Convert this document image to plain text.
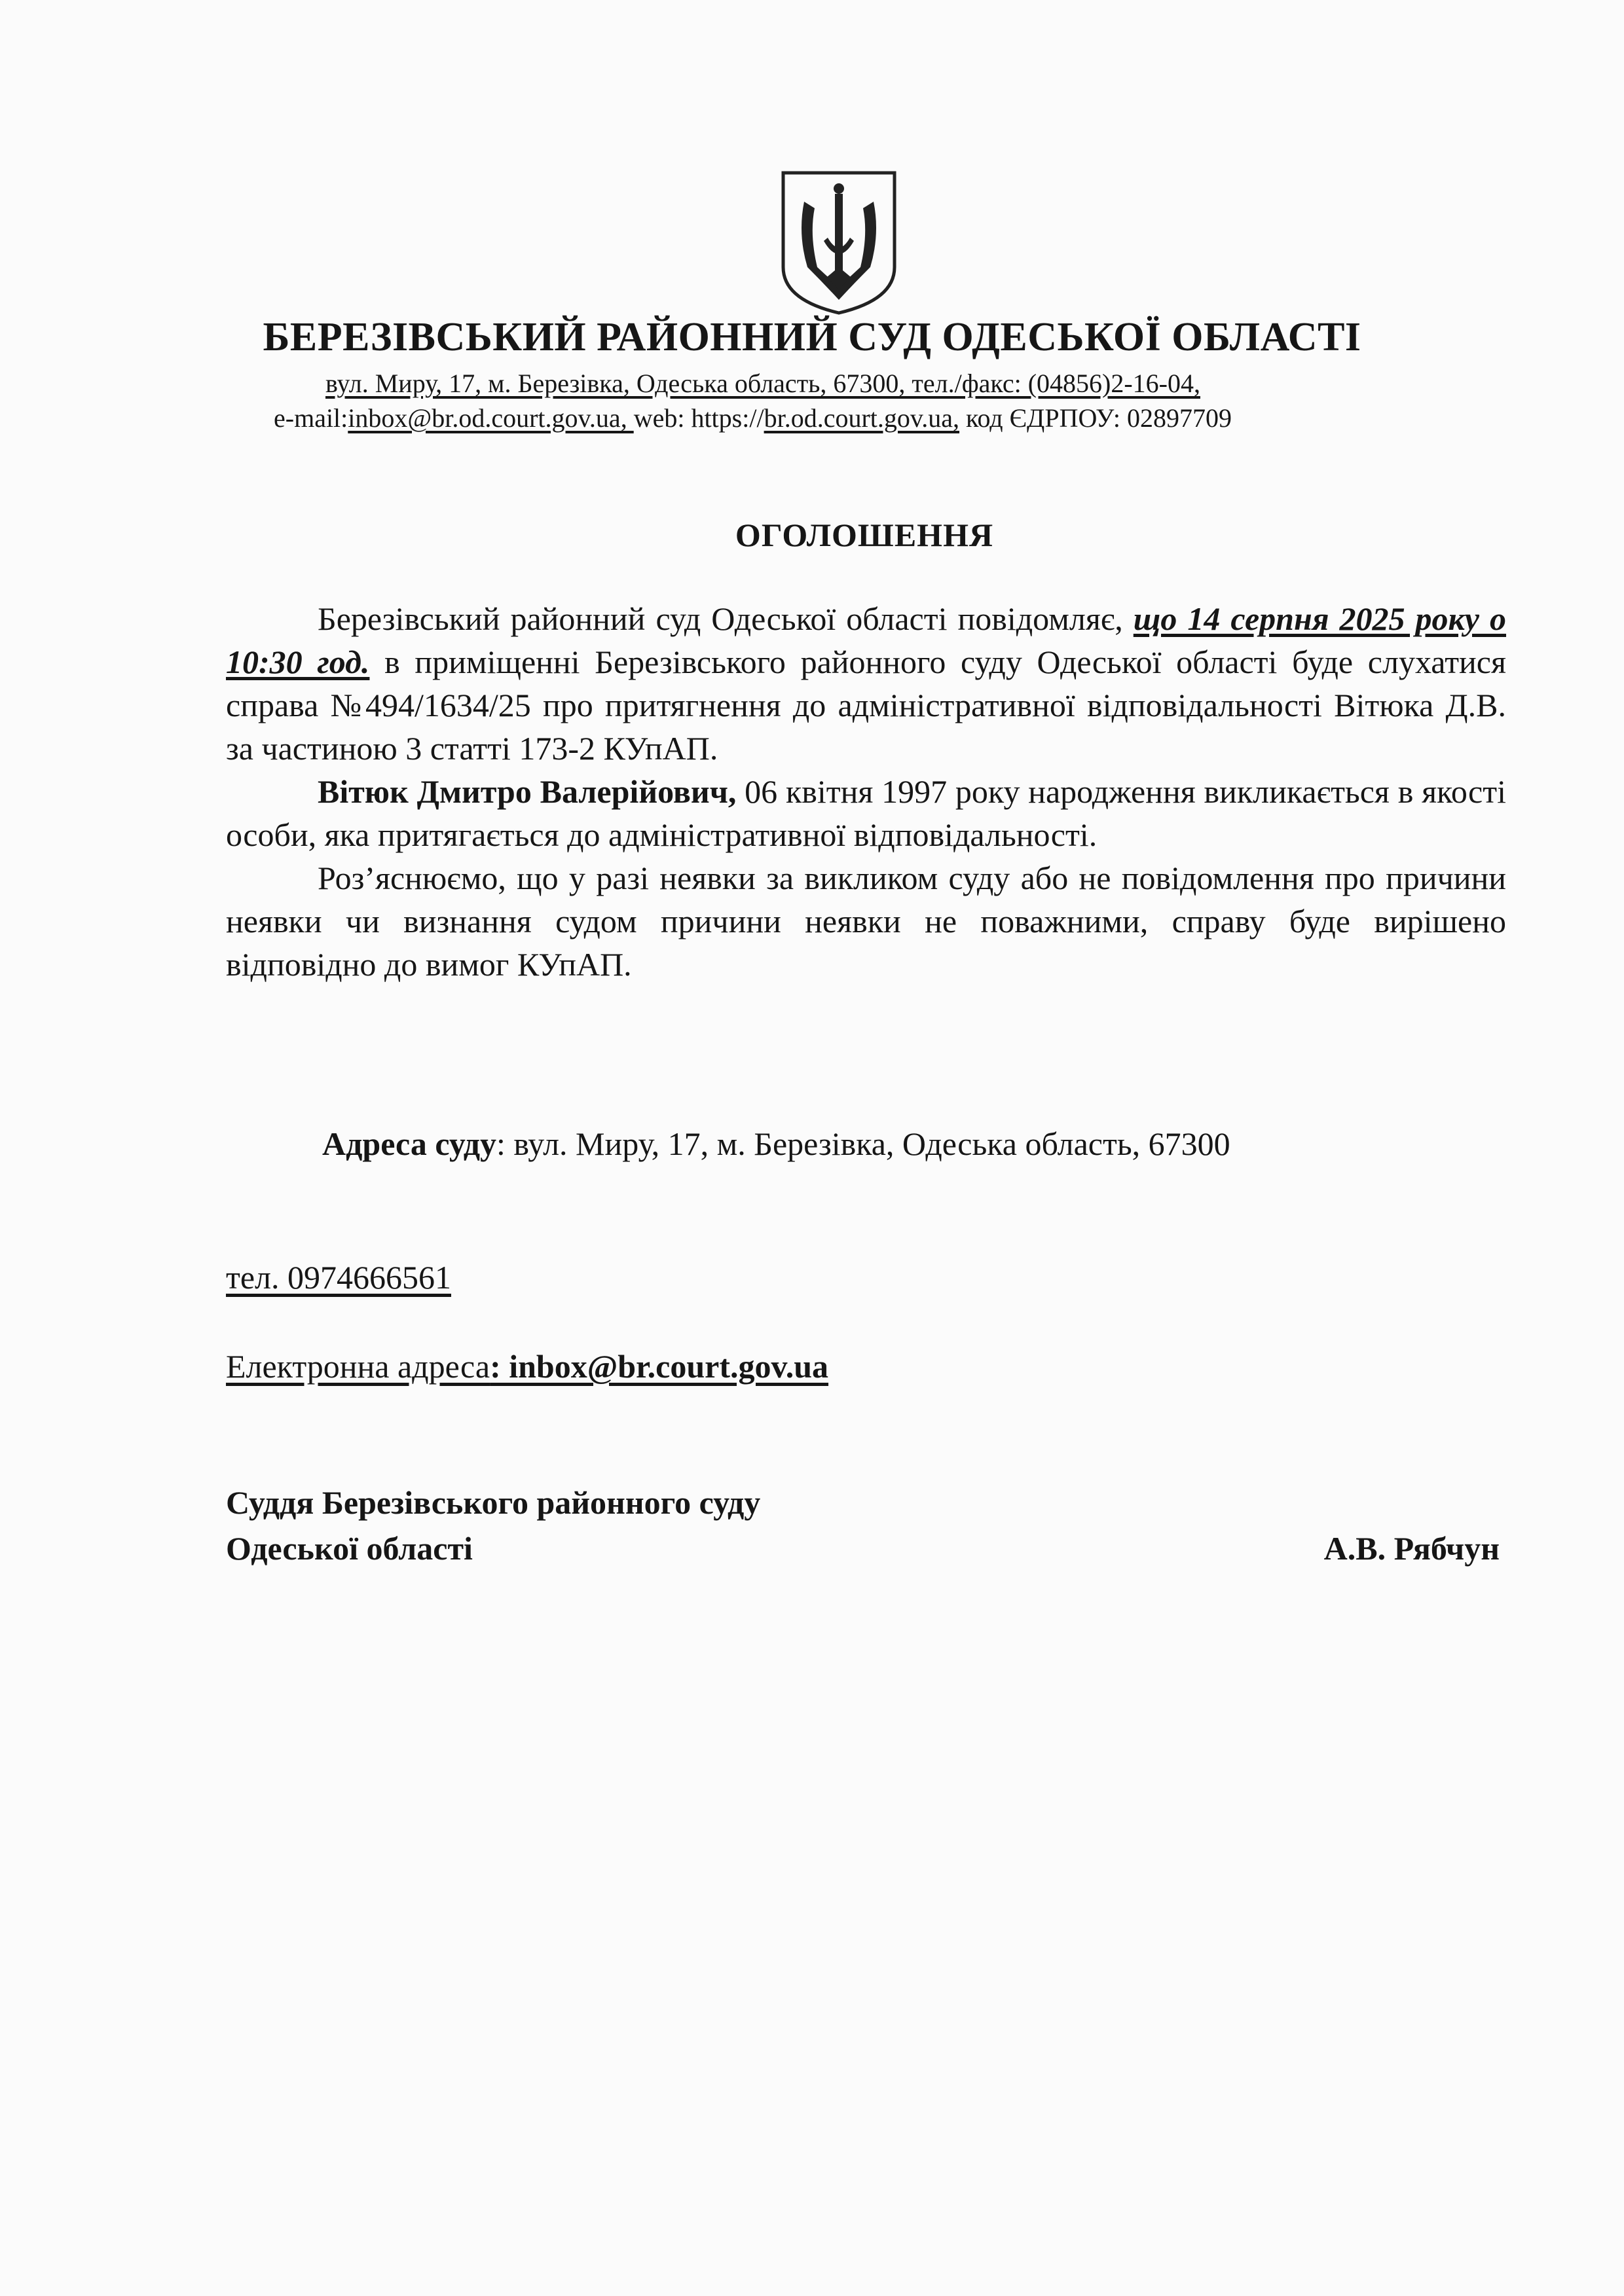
БЕРЕЗІВСЬКИЙ РАЙОННИЙ СУД ОДЕСЬКОЇ ОБЛАСТІ
вул. Миру, 17, м. Березівка, Одеська область, 67300, тел./факс: (04856)2-16-04,
e-mail:inbox@br.od.court.gov.ua, web: https://br.od.court.gov.ua, код ЄДРПОУ: 02897709
ОГОЛОШЕННЯ

Березівський районний суд Одеської області повідомляє, що 14 серпня 2025 року о 10:30 год. в приміщенні Березівського районного суду Одеської області буде слухатися справа №494/1634/25 про притягнення до адміністративної відповідальності Вітюка Д.В. за частиною 3 статті 173-2 КУпАП.

Вітюк Дмитро Валерійович, 06 квітня 1997 року народження викликається в якості особи, яка притягається до адміністративної відповідальності.

Роз’яснюємо, що у разі неявки за викликом суду або не повідомлення про причини неявки чи визнання судом причини неявки не поважними, справу буде вирішено відповідно до вимог КУпАП.

Адреса суду: вул. Миру, 17, м. Березівка, Одеська область, 67300
тел. 0974666561
Електронна адреса: inbox@br.court.gov.ua
Суддя Березівського районного суду
Одеської області	А.В. Рябчун
